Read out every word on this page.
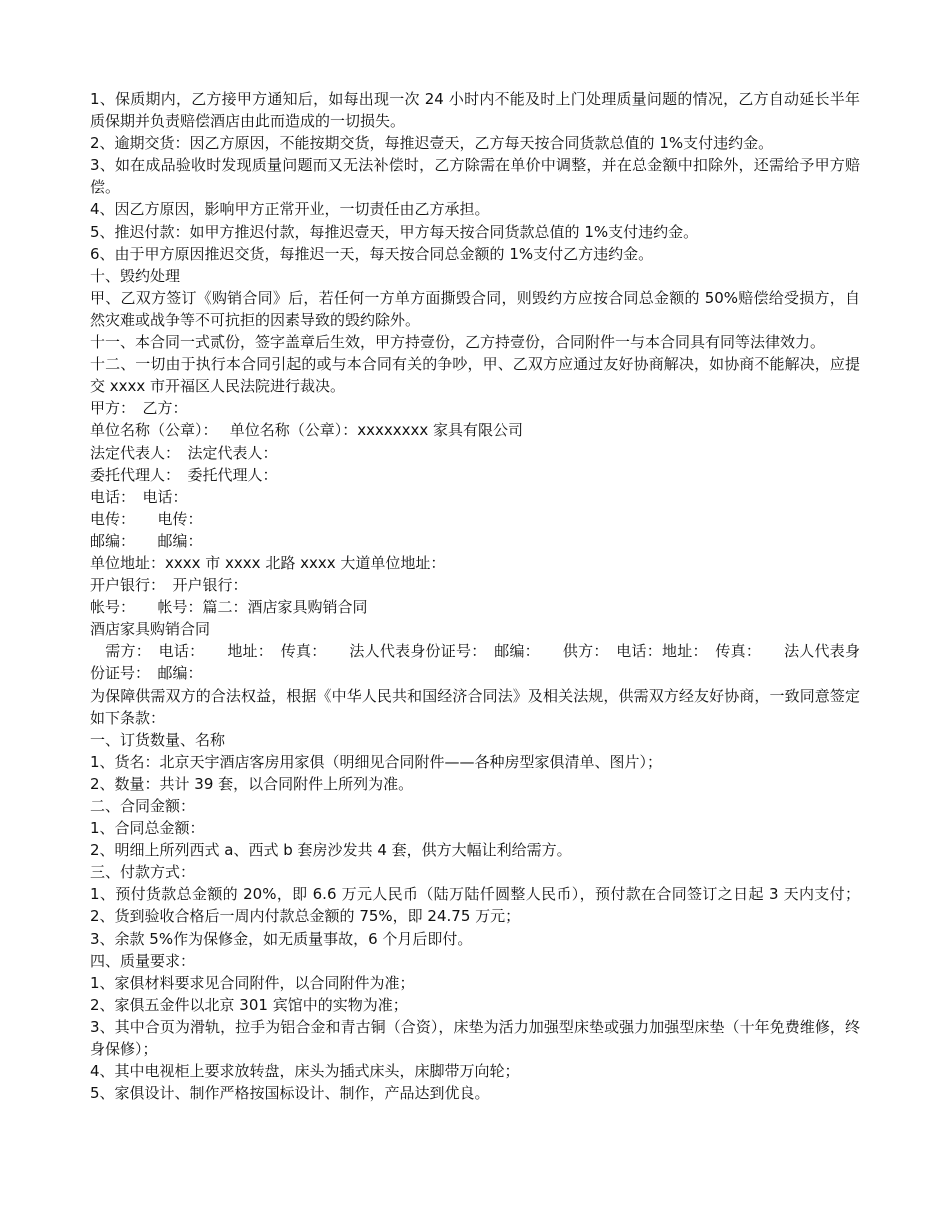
1、保质期内，乙方接甲方通知后，如每出现一次 24 小时内不能及时上门处理质量问题的情况，乙方自动延长半年质保期并负责赔偿酒店由此而造成的一切损失。

2、逾期交货：因乙方原因，不能按期交货，每推迟壹天，乙方每天按合同货款总值的 1%支付违约金。

3、如在成品验收时发现质量问题而又无法补偿时，乙方除需在单价中调整，并在总金额中扣除外，还需给予甲方赔偿。

4、因乙方原因，影响甲方正常开业，一切责任由乙方承担。

5、推迟付款：如甲方推迟付款，每推迟壹天，甲方每天按合同货款总值的 1%支付违约金。

6、由于甲方原因推迟交货，每推迟一天，每天按合同总金额的 1%支付乙方违约金。

十、毁约处理

甲、乙双方签订《购销合同》后，若任何一方单方面撕毁合同，则毁约方应按合同总金额的 50%赔偿给受损方，自然灾难或战争等不可抗拒的因素导致的毁约除外。

十一、本合同一式贰份，签字盖章后生效，甲方持壹份，乙方持壹份，合同附件一与本合同具有同等法律效力。

十二、一切由于执行本合同引起的或与本合同有关的争吵，甲、乙双方应通过友好协商解决，如协商不能解决，应提交 xxxx 市开福区人民法院进行裁决。

甲方：　乙方：

单位名称（公章）：　 单位名称（公章）：xxxxxxxx 家具有限公司

法定代表人：　法定代表人：

委托代理人：　委托代理人：

电话：　电话：

电传：　　电传：

邮编：　　邮编：

单位地址：xxxx 市 xxxx 北路 xxxx 大道单位地址：

开户银行：　开户银行：

帐号：　　帐号：篇二：酒店家具购销合同

酒店家具购销合同

　需方：　电话：　　地址：　传真：　　法人代表身份证号：　邮编：　　供方：　电话：地址：　传真：　　法人代表身份证号：　邮编：

为保障供需双方的合法权益，根据《中华人民共和国经济合同法》及相关法规，供需双方经友好协商，一致同意签定如下条款：

一、订货数量、名称

1、货名：北京天宇酒店客房用家俱（明细见合同附件——各种房型家俱清单、图片）；

2、数量：共计 39 套，以合同附件上所列为准。

二、合同金额：

1、合同总金额：

2、明细上所列西式 a、西式 b 套房沙发共 4 套，供方大幅让利给需方。

三、付款方式：

1、预付货款总金额的 20%，即 6.6 万元人民币（陆万陆仟圆整人民币），预付款在合同签订之日起 3 天内支付；2、货到验收合格后一周内付款总金额的 75%，即 24.75 万元；

3、余款 5%作为保修金，如无质量事故，6 个月后即付。

四、质量要求：

1、家俱材料要求见合同附件，以合同附件为准；

2、家俱五金件以北京 301 宾馆中的实物为准；

3、其中合页为滑轨，拉手为铝合金和青古铜（合资），床垫为活力加强型床垫或强力加强型床垫（十年免费维修，终身保修）；

4、其中电视柜上要求放转盘，床头为插式床头，床脚带万向轮；

5、家俱设计、制作严格按国标设计、制作，产品达到优良。
